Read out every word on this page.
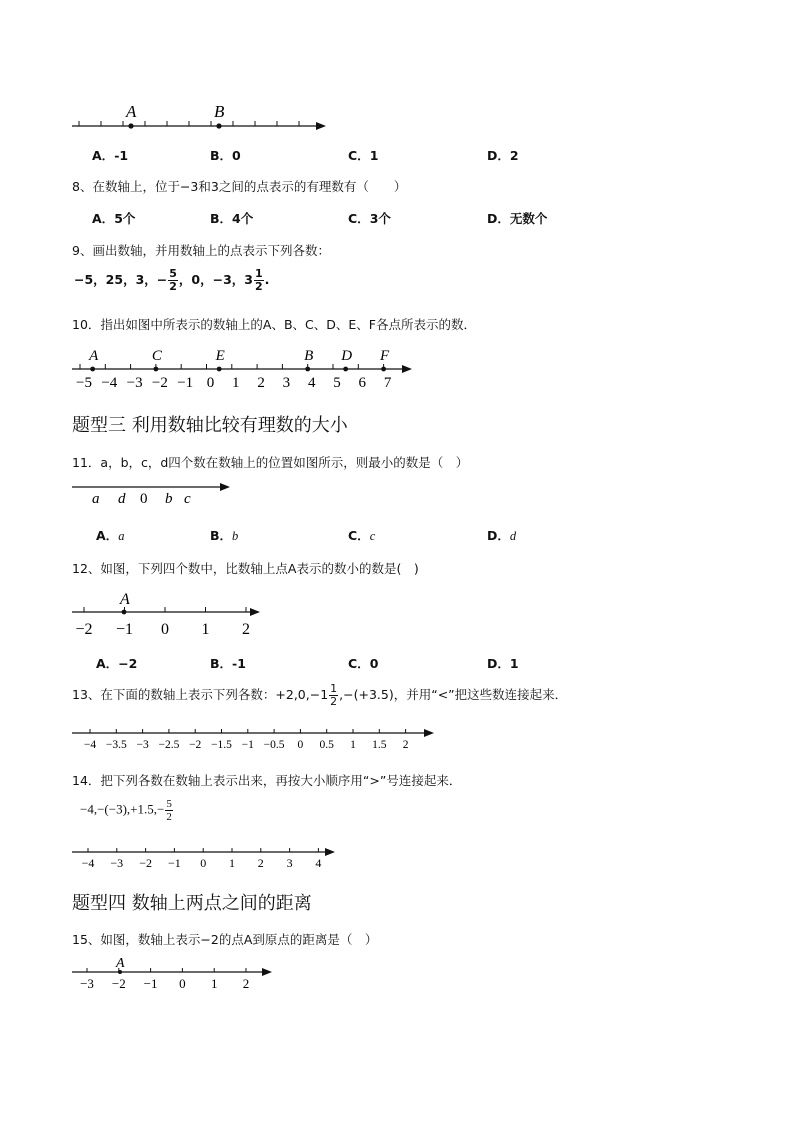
A	B
−5 −4 −3 −2 −1 0 1 2 3 4 5 6 7
A	C	E	B D F
a d 0 b c
−2 −1 0 1 2
A
−4 −3.5 −3 −2.5 −2 −1.5 −1 −0.5 0 0.5 1 1.5 2
−4 −3 −2 −1 0 1 2 3 4
−3 −2 −1 0 1 2
A
A．-1	B．0	C．1	D．2
8、在数轴上，位于−3和3之间的点表示的有理数有（　　）
A．5个	B．4个	C．3个	D．无数个
9、画出数轴，并用数轴上的点表示下列各数：
−5，25，3，− $\frac{5}{2}$ ，0，−3，$3 \frac{1}{2}$ .
10．指出如图中所表示的数轴上的A、B、C、D、E、F各点所表示的数．
题型三 利用数轴比较有理数的大小
11．a，b，c，d四个数在数轴上的位置如图所示，则最小的数是（　）
A．a	B．b	C．c	D．d
12、如图，下列四个数中，比数轴上点A表示的数小的数是(　)
A．−2	B．-1	C．0	D．1
13、在下面的数轴上表示下列各数：$+2,0,-1 \frac{1}{2} ,-(+3.5)$，并用“<”把这些数连接起来．
14．把下列各数在数轴上表示出来，再按大小顺序用“>”号连接起来．
$-4,-(-3),+1.5,- \frac{5}{2}$
题型四 数轴上两点之间的距离
15、如图，数轴上表示−2的点A到原点的距离是（　）
